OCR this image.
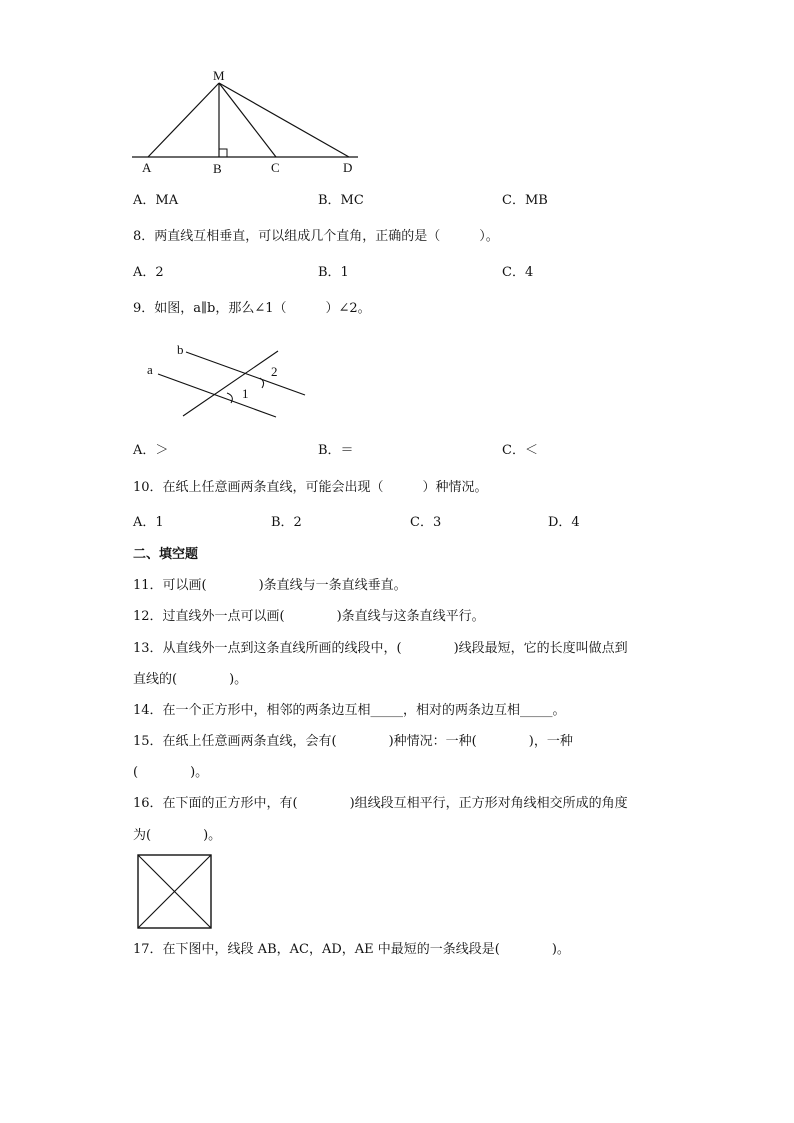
M
A	B	C	D
A．MA	B．MC	C．MB
8．两直线互相垂直，可以组成几个直角，正确的是（　　　）。
A．2	B．1	C．4
9．如图，a∥b，那么∠1（　　　）∠2。
b
a	2
1
A．＞	B．＝	C．＜
10．在纸上任意画两条直线，可能会出现（　　　）种情况。
A．1	B．2	C．3	D．4
二、填空题
11．可以画(　　　　)条直线与一条直线垂直。
12．过直线外一点可以画(　　　　)条直线与这条直线平行。
13．从直线外一点到这条直线所画的线段中，(　　　　)线段最短，它的长度叫做点到
直线的(　　　　)。
14．在一个正方形中，相邻的两条边互相_____，相对的两条边互相_____。
15．在纸上任意画两条直线，会有(　　　　)种情况：一种(　　　　)，一种
(　　　　)。
16．在下面的正方形中，有(　　　　)组线段互相平行，正方形对角线相交所成的角度
为(　　　　)。
17．在下图中，线段 AB，AC，AD，AE 中最短的一条线段是(　　　　)。
